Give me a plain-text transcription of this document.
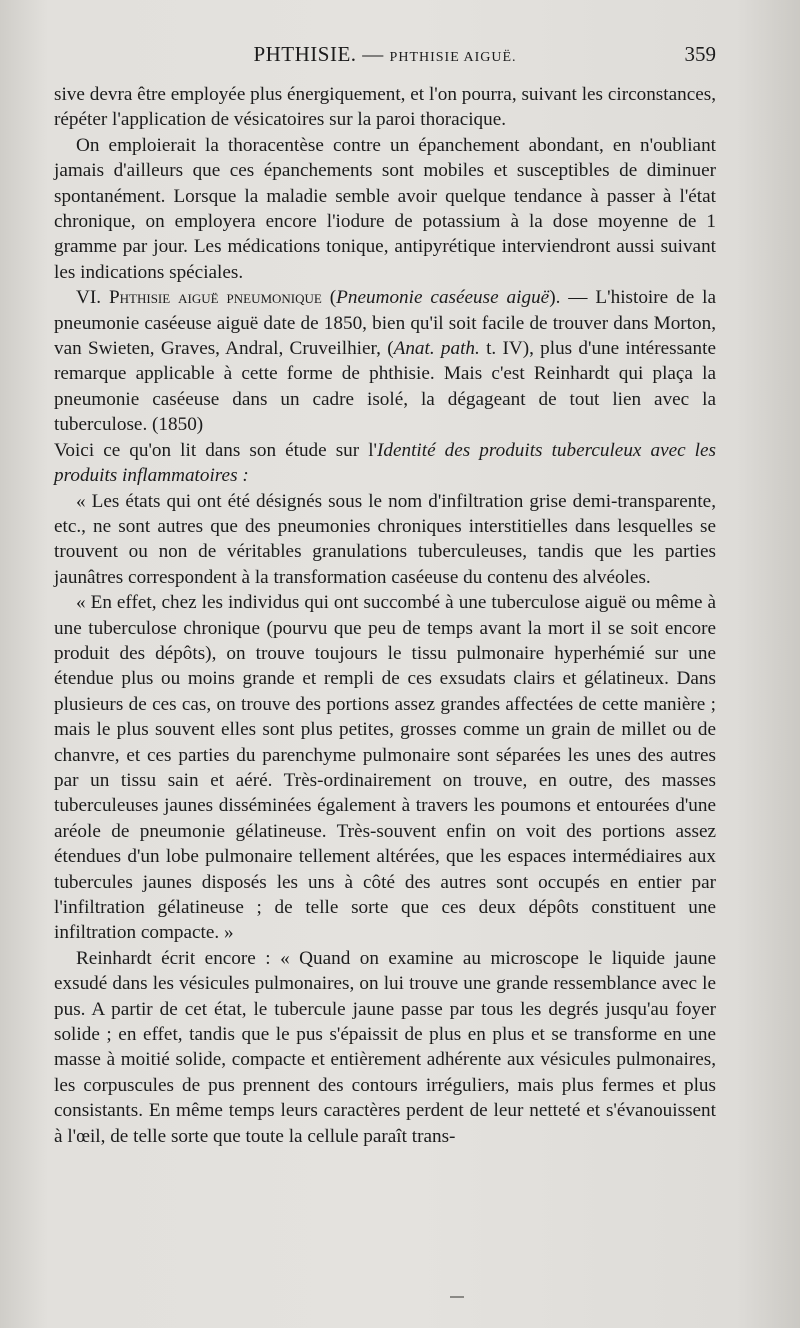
PHTHISIE. — PHTHISIE AIGUË.	359

sive devra être employée plus énergiquement, et l'on pourra, suivant les circonstances, répéter l'application de vésicatoires sur la paroi thoracique.

On emploierait la thoracentèse contre un épanchement abondant, en n'oubliant jamais d'ailleurs que ces épanchements sont mobiles et susceptibles de diminuer spontanément. Lorsque la maladie semble avoir quelque tendance à passer à l'état chronique, on employera encore l'iodure de potassium à la dose moyenne de 1 gramme par jour. Les médications tonique, antipyrétique interviendront aussi suivant les indications spéciales.

VI. Phthisie aiguë pneumonique (Pneumonie caséeuse aiguë). — L'histoire de la pneumonie caséeuse aiguë date de 1850, bien qu'il soit facile de trouver dans Morton, van Swieten, Graves, Andral, Cruveilhier, (Anat. path. t. IV), plus d'une intéressante remarque applicable à cette forme de phthisie. Mais c'est Reinhardt qui plaça la pneumonie caséeuse dans un cadre isolé, la dégageant de tout lien avec la tuberculose. (1850)

Voici ce qu'on lit dans son étude sur l'Identité des produits tuberculeux avec les produits inflammatoires :

« Les états qui ont été désignés sous le nom d'infiltration grise demi-transparente, etc., ne sont autres que des pneumonies chroniques interstitielles dans lesquelles se trouvent ou non de véritables granulations tuberculeuses, tandis que les parties jaunâtres correspondent à la transformation caséeuse du contenu des alvéoles.

« En effet, chez les individus qui ont succombé à une tuberculose aiguë ou même à une tuberculose chronique (pourvu que peu de temps avant la mort il se soit encore produit des dépôts), on trouve toujours le tissu pulmonaire hyperhémié sur une étendue plus ou moins grande et rempli de ces exsudats clairs et gélatineux. Dans plusieurs de ces cas, on trouve des portions assez grandes affectées de cette manière ; mais le plus souvent elles sont plus petites, grosses comme un grain de millet ou de chanvre, et ces parties du parenchyme pulmonaire sont séparées les unes des autres par un tissu sain et aéré. Très-ordinairement on trouve, en outre, des masses tuberculeuses jaunes disséminées également à travers les poumons et entourées d'une aréole de pneumonie gélatineuse. Très-souvent enfin on voit des portions assez étendues d'un lobe pulmonaire tellement altérées, que les espaces intermédiaires aux tubercules jaunes disposés les uns à côté des autres sont occupés en entier par l'infiltration gélatineuse ; de telle sorte que ces deux dépôts constituent une infiltration compacte. »

Reinhardt écrit encore : « Quand on examine au microscope le liquide jaune exsudé dans les vésicules pulmonaires, on lui trouve une grande ressemblance avec le pus. A partir de cet état, le tubercule jaune passe par tous les degrés jusqu'au foyer solide ; en effet, tandis que le pus s'épaissit de plus en plus et se transforme en une masse à moitié solide, compacte et entièrement adhérente aux vésicules pulmonaires, les corpuscules de pus prennent des contours irréguliers, mais plus fermes et plus consistants. En même temps leurs caractères perdent de leur netteté et s'évanouissent à l'œil, de telle sorte que toute la cellule paraît trans-
